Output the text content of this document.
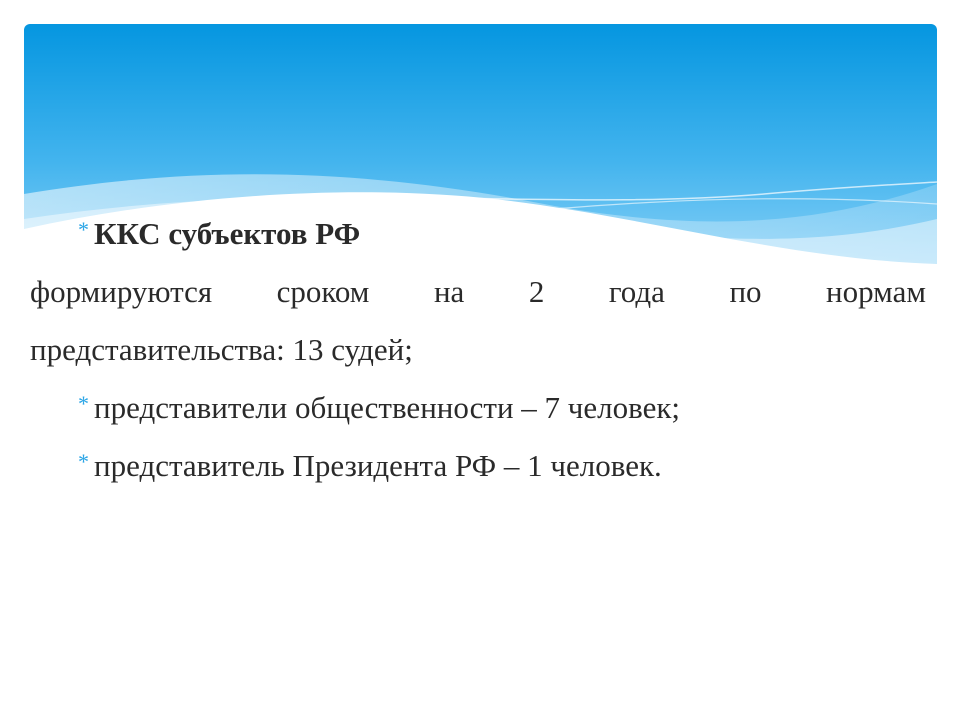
* ККС субъектов РФ
формируются сроком на 2 года по нормам
представительства: 13 судей;
* представители общественности – 7 человек;
* представитель Президента РФ – 1 человек.
